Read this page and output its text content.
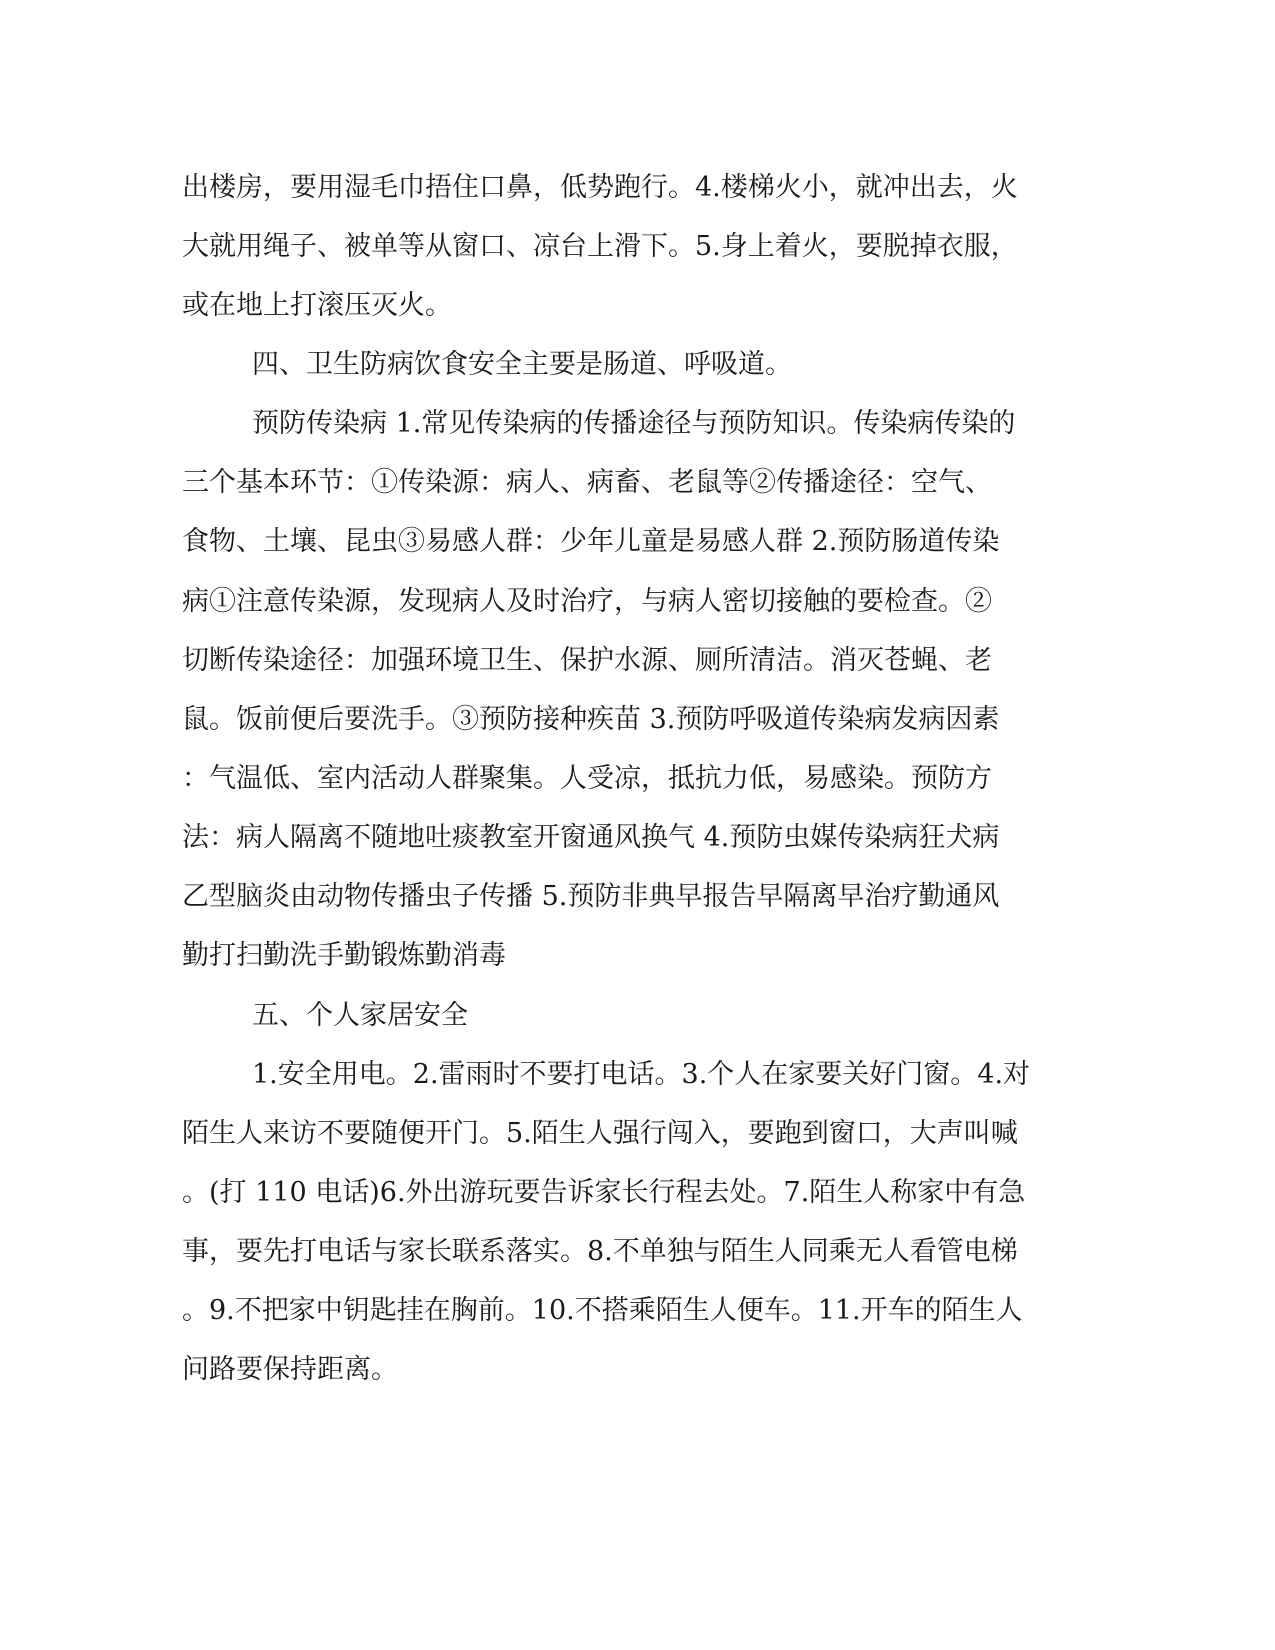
出楼房，要用湿毛巾捂住口鼻，低势跑行。4.楼梯火小，就冲出去，火
大就用绳子、被单等从窗口、凉台上滑下。5.身上着火，要脱掉衣服，
或在地上打滚压灭火。
四、卫生防病饮食安全主要是肠道、呼吸道。
预防传染病 1.常见传染病的传播途径与预防知识。传染病传染的
三个基本环节：①传染源：病人、病畜、老鼠等②传播途径：空气、
食物、土壤、昆虫③易感人群：少年儿童是易感人群 2.预防肠道传染
病①注意传染源，发现病人及时治疗，与病人密切接触的要检查。②
切断传染途径：加强环境卫生、保护水源、厕所清洁。消灭苍蝇、老
鼠。饭前便后要洗手。③预防接种疾苗 3.预防呼吸道传染病发病因素
：气温低、室内活动人群聚集。人受凉，抵抗力低，易感染。预防方
法：病人隔离不随地吐痰教室开窗通风换气 4.预防虫媒传染病狂犬病
乙型脑炎由动物传播虫子传播 5.预防非典早报告早隔离早治疗勤通风
勤打扫勤洗手勤锻炼勤消毒
五、个人家居安全
1.安全用电。2.雷雨时不要打电话。3.个人在家要关好门窗。4.对
陌生人来访不要随便开门。5.陌生人强行闯入，要跑到窗口，大声叫喊
。(打 110 电话)6.外出游玩要告诉家长行程去处。7.陌生人称家中有急
事，要先打电话与家长联系落实。8.不单独与陌生人同乘无人看管电梯
。9.不把家中钥匙挂在胸前。10.不搭乘陌生人便车。11.开车的陌生人
问路要保持距离。
